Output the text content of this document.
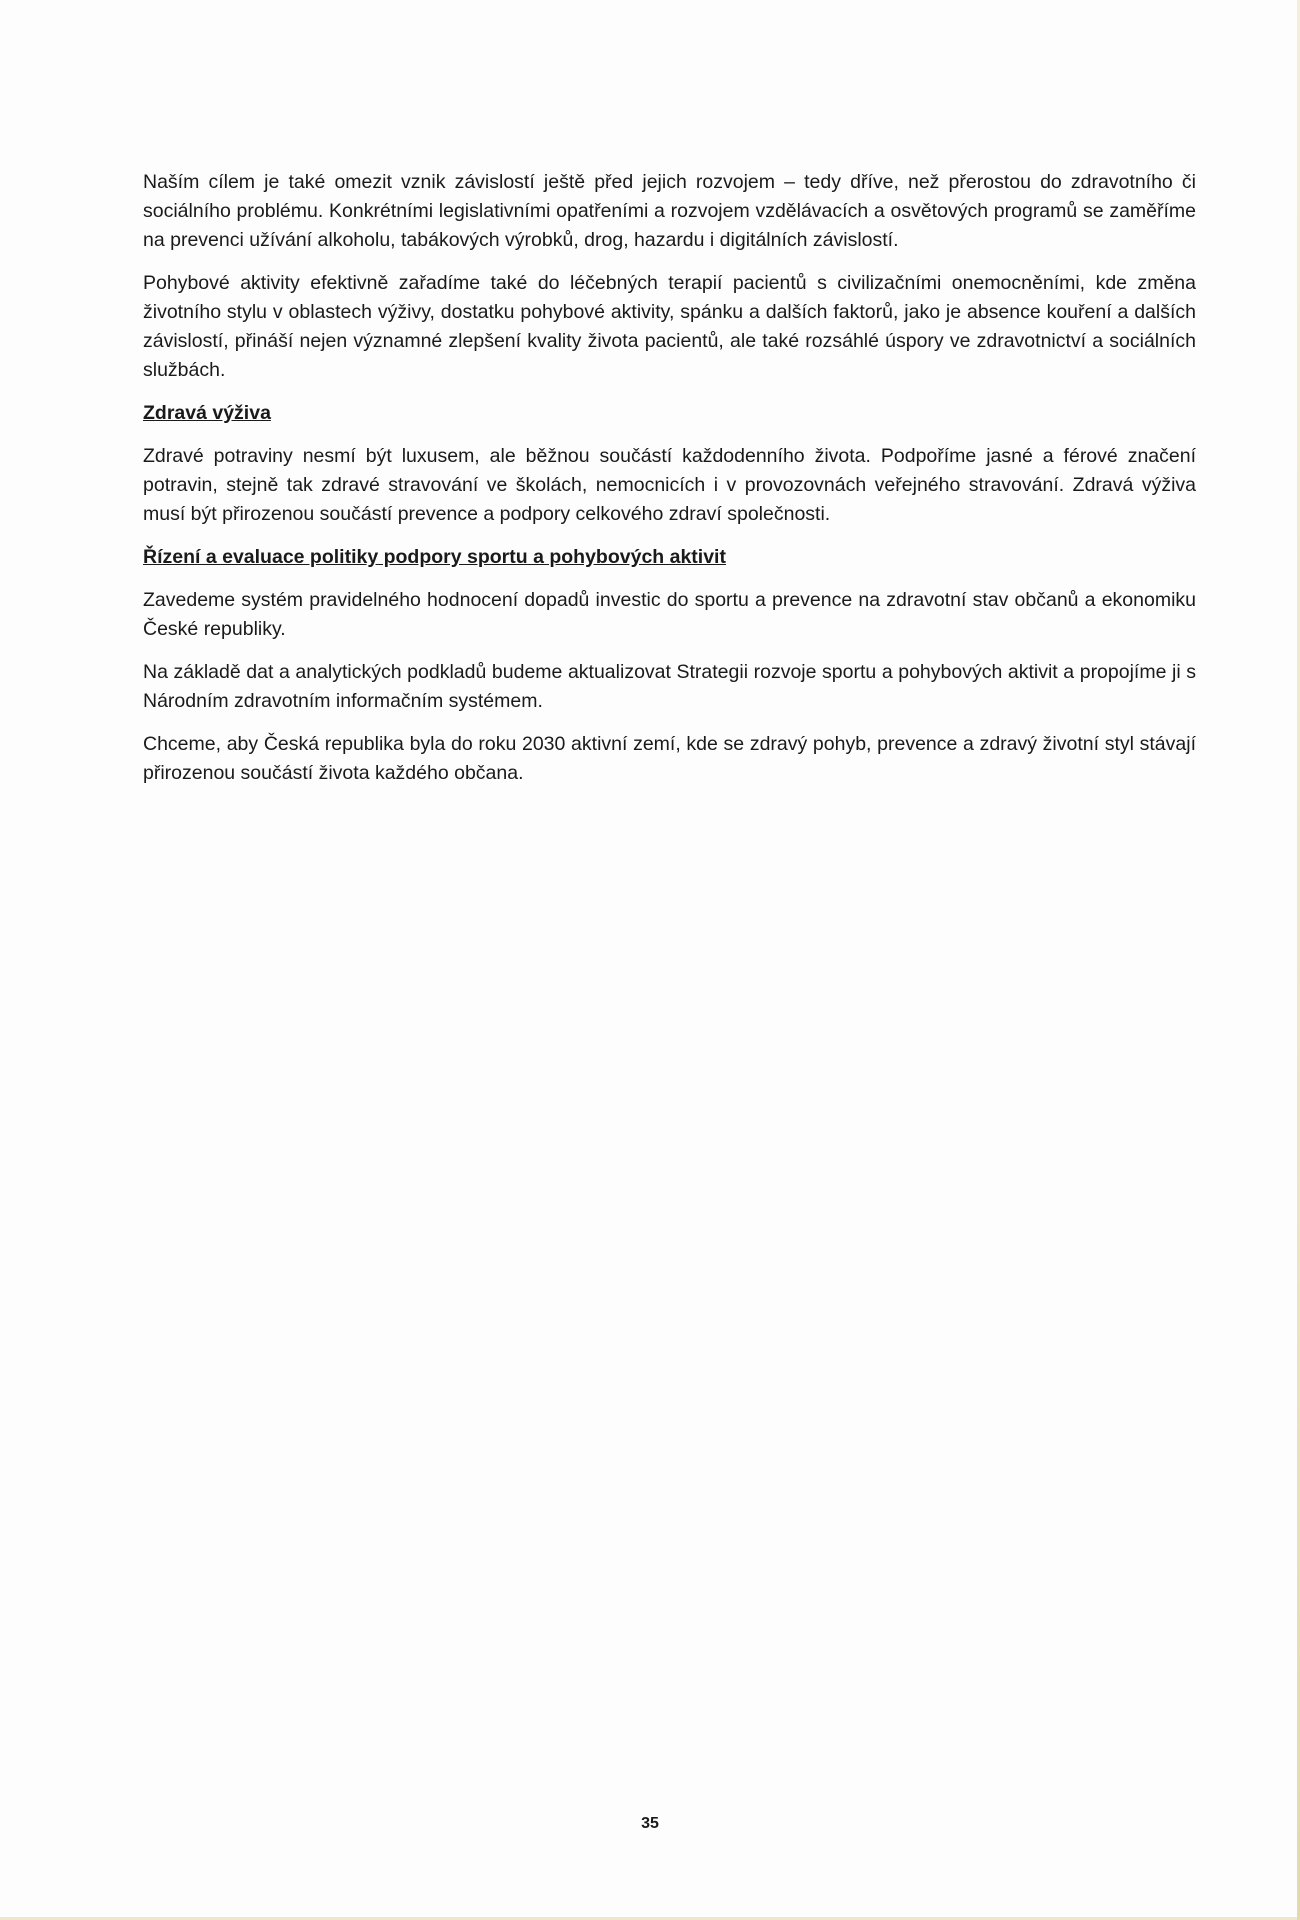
Naším cílem je také omezit vznik závislostí ještě před jejich rozvojem – tedy dříve, než přerostou do zdravotního či sociálního problému. Konkrétními legislativními opatřeními a rozvojem vzdělávacích a osvětových programů se zaměříme na prevenci užívání alkoholu, tabákových výrobků, drog, hazardu i digitálních závislostí.

Pohybové aktivity efektivně zařadíme také do léčebných terapií pacientů s civilizačními onemocněními, kde změna životního stylu v oblastech výživy, dostatku pohybové aktivity, spánku a dalších faktorů, jako je absence kouření a dalších závislostí, přináší nejen významné zlepšení kvality života pacientů, ale také rozsáhlé úspory ve zdravotnictví a sociálních službách.

Zdravá výživa

Zdravé potraviny nesmí být luxusem, ale běžnou součástí každodenního života. Podpoříme jasné a férové značení potravin, stejně tak zdravé stravování ve školách, nemocnicích i v provozovnách veřejného stravování. Zdravá výživa musí být přirozenou součástí prevence a podpory celkového zdraví společnosti.

Řízení a evaluace politiky podpory sportu a pohybových aktivit

Zavedeme systém pravidelného hodnocení dopadů investic do sportu a prevence na zdravotní stav občanů a ekonomiku České republiky.

Na základě dat a analytických podkladů budeme aktualizovat Strategii rozvoje sportu a pohybových aktivit a propojíme ji s Národním zdravotním informačním systémem.

Chceme, aby Česká republika byla do roku 2030 aktivní zemí, kde se zdravý pohyb, prevence a zdravý životní styl stávají přirozenou součástí života každého občana.

35
